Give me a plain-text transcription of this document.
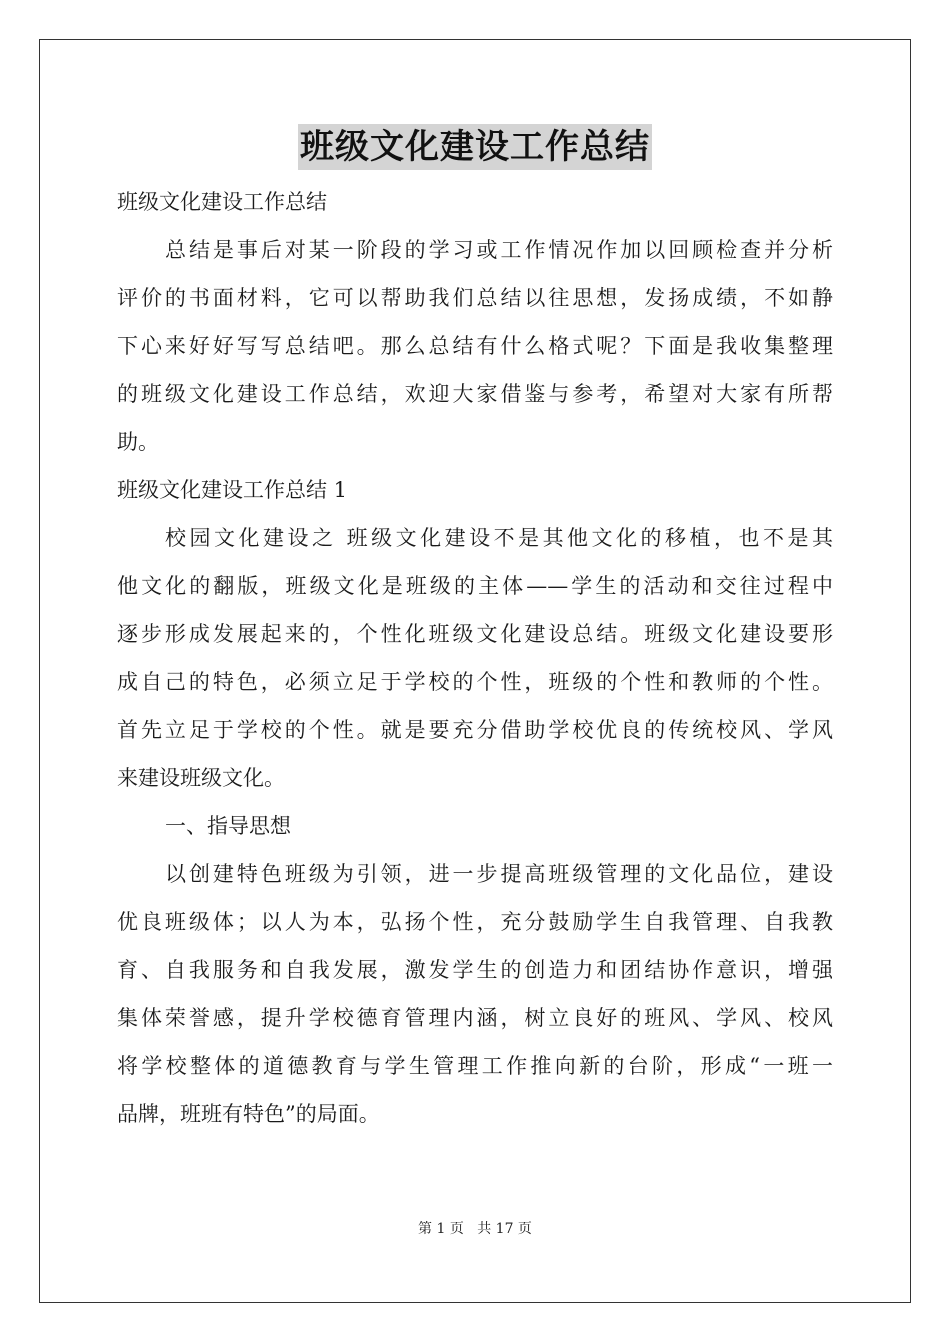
班级文化建设工作总结
班级文化建设工作总结
总结是事后对某一阶段的学习或工作情况作加以回顾检查并分析
评价的书面材料，它可以帮助我们总结以往思想，发扬成绩，不如静
下心来好好写写总结吧。那么总结有什么格式呢？下面是我收集整理
的班级文化建设工作总结，欢迎大家借鉴与参考，希望对大家有所帮
助。
班级文化建设工作总结 1
校园文化建设之 班级文化建设不是其他文化的移植，也不是其
他文化的翻版，班级文化是班级的主体——学生的活动和交往过程中
逐步形成发展起来的，个性化班级文化建设总结。班级文化建设要形
成自己的特色，必须立足于学校的个性，班级的个性和教师的个性。
首先立足于学校的个性。就是要充分借助学校优良的传统校风、学风
来建设班级文化。
一、指导思想
以创建特色班级为引领，进一步提高班级管理的文化品位，建设
优良班级体；以人为本，弘扬个性，充分鼓励学生自我管理、自我教
育、自我服务和自我发展，激发学生的创造力和团结协作意识，增强
集体荣誉感，提升学校德育管理内涵，树立良好的班风、学风、校风
将学校整体的道德教育与学生管理工作推向新的台阶，形成“一班一
品牌，班班有特色”的局面。
第 1 页 共 17 页
